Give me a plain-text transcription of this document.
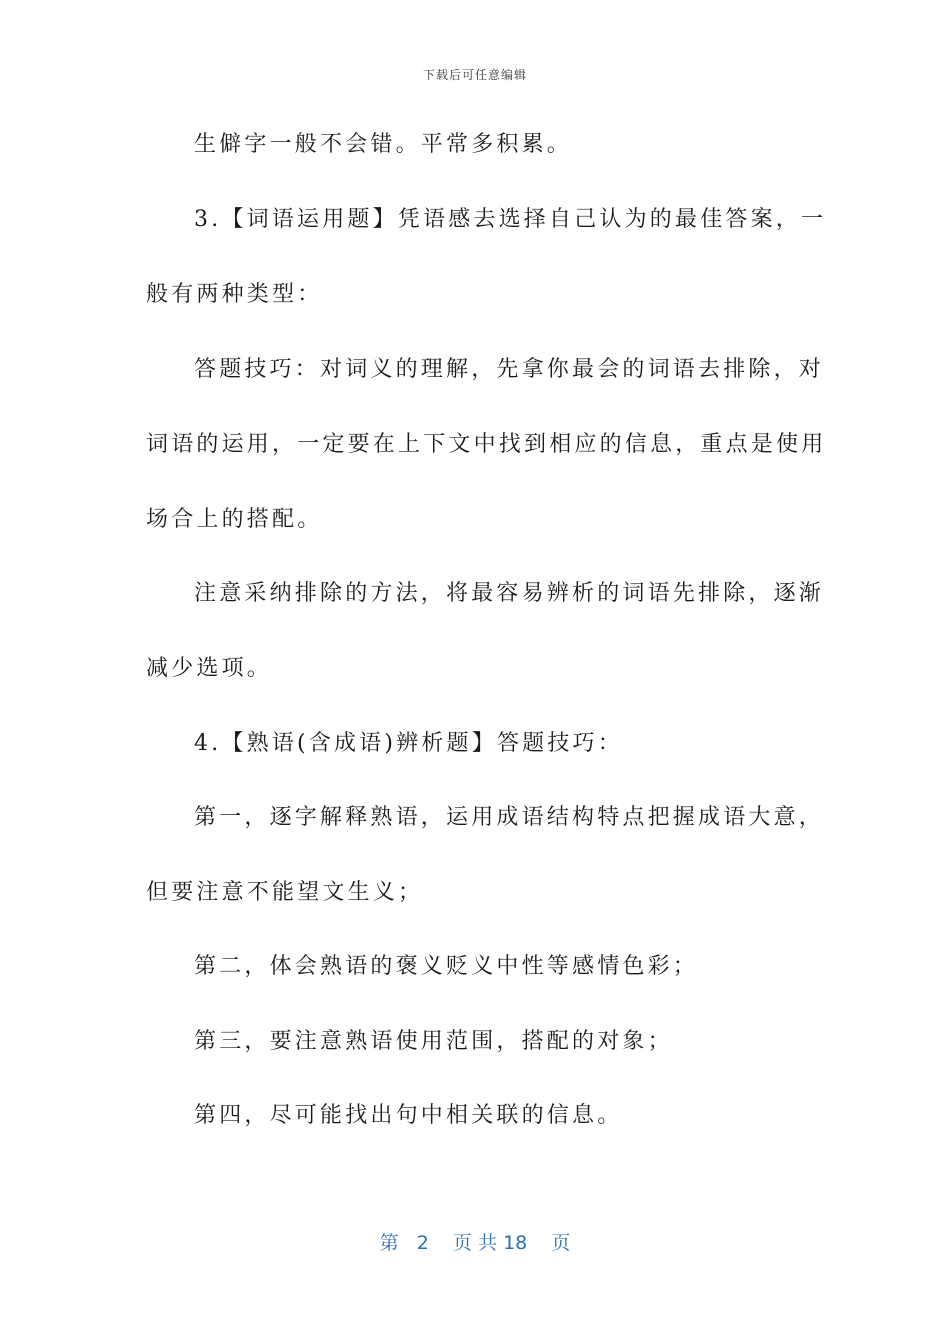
下载后可任意编辑
生僻字一般不会错。平常多积累。
3.【词语运用题】凭语感去选择自己认为的最佳答案，一
般有两种类型：
答题技巧：对词义的理解，先拿你最会的词语去排除，对
词语的运用，一定要在上下文中找到相应的信息，重点是使用
场合上的搭配。
注意采纳排除的方法，将最容易辨析的词语先排除，逐渐
减少选项。
4.【熟语(含成语)辨析题】答题技巧：
第一，逐字解释熟语，运用成语结构特点把握成语大意，
但要注意不能望文生义；
第二，体会熟语的褒义贬义中性等感情色彩；
第三，要注意熟语使用范围，搭配的对象；
第四，尽可能找出句中相关联的信息。
第 2 页 共 18 页
